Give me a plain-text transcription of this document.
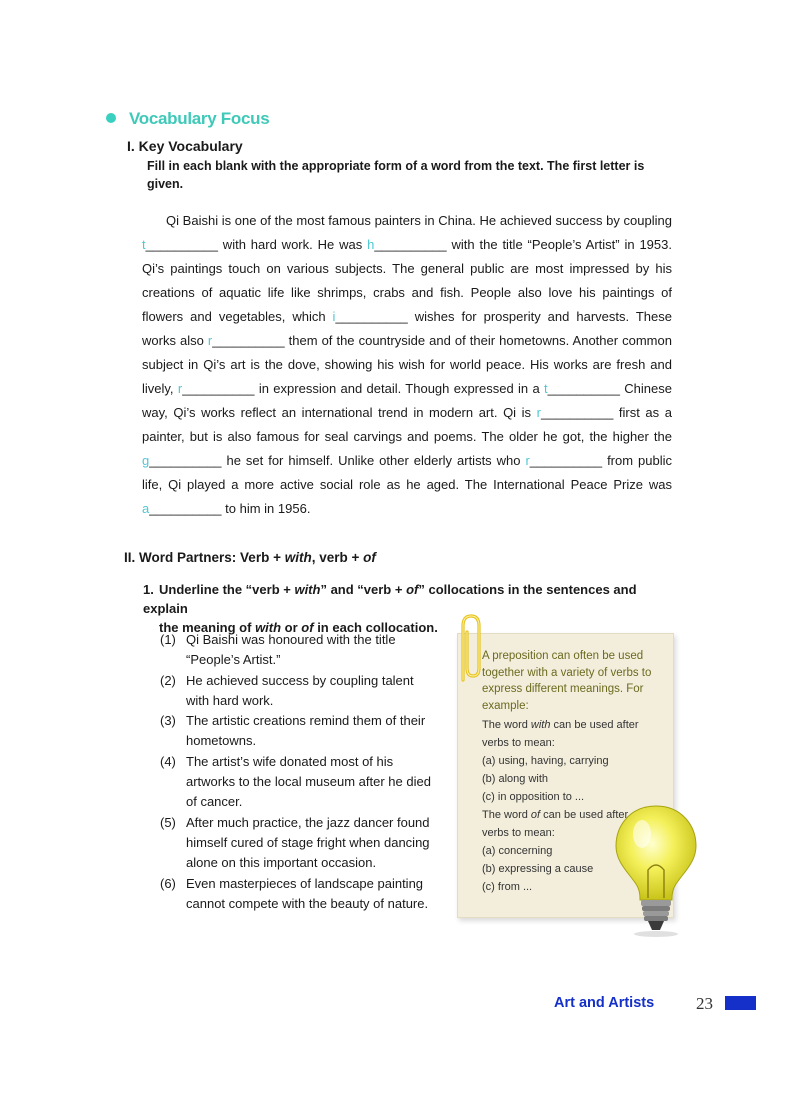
Vocabulary Focus
I. Key Vocabulary
Fill in each blank with the appropriate form of a word from the text. The first letter is given.

Qi Baishi is one of the most famous painters in China. He achieved success by coupling t__________ with hard work. He was h__________ with the title “People’s Artist” in 1953. Qi’s paintings touch on various subjects. The general public are most impressed by his creations of aquatic life like shrimps, crabs and fish. People also love his paintings of flowers and vegetables, which i__________ wishes for prosperity and harvests. These works also r__________ them of the countryside and of their hometowns. Another common subject in Qi’s art is the dove, showing his wish for world peace. His works are fresh and lively, r__________ in expression and detail. Though expressed in a t__________ Chinese way, Qi’s works reflect an international trend in modern art. Qi is r__________ first as a painter, but is also famous for seal carvings and poems. The older he got, the higher the g__________ he set for himself. Unlike other elderly artists who r__________ from public life, Qi played a more active social role as he aged. The International Peace Prize was a__________ to him in 1956.

II. Word Partners: Verb + with, verb + of
1. Underline the “verb + with” and “verb + of” collocations in the sentences and explain
the meaning of with or of in each collocation.
(1) Qi Baishi was honoured with the title “People’s Artist.”
(2) He achieved success by coupling talent with hard work.
(3) The artistic creations remind them of their hometowns.
(4) The artist’s wife donated most of his artworks to the local museum after he died of cancer.
(5) After much practice, the jazz dancer found himself cured of stage fright when dancing alone on this important occasion.
(6) Even masterpieces of landscape painting cannot compete with the beauty of nature.
A preposition can often be used together with a variety of verbs to express different meanings. For example:
The word with can be used after
verbs to mean:
(a) using, having, carrying
(b) along with
(c) in opposition to ...
The word of can be used after
verbs to mean:
(a) concerning
(b) expressing a cause
(c) from ...
Art and Artists 23
